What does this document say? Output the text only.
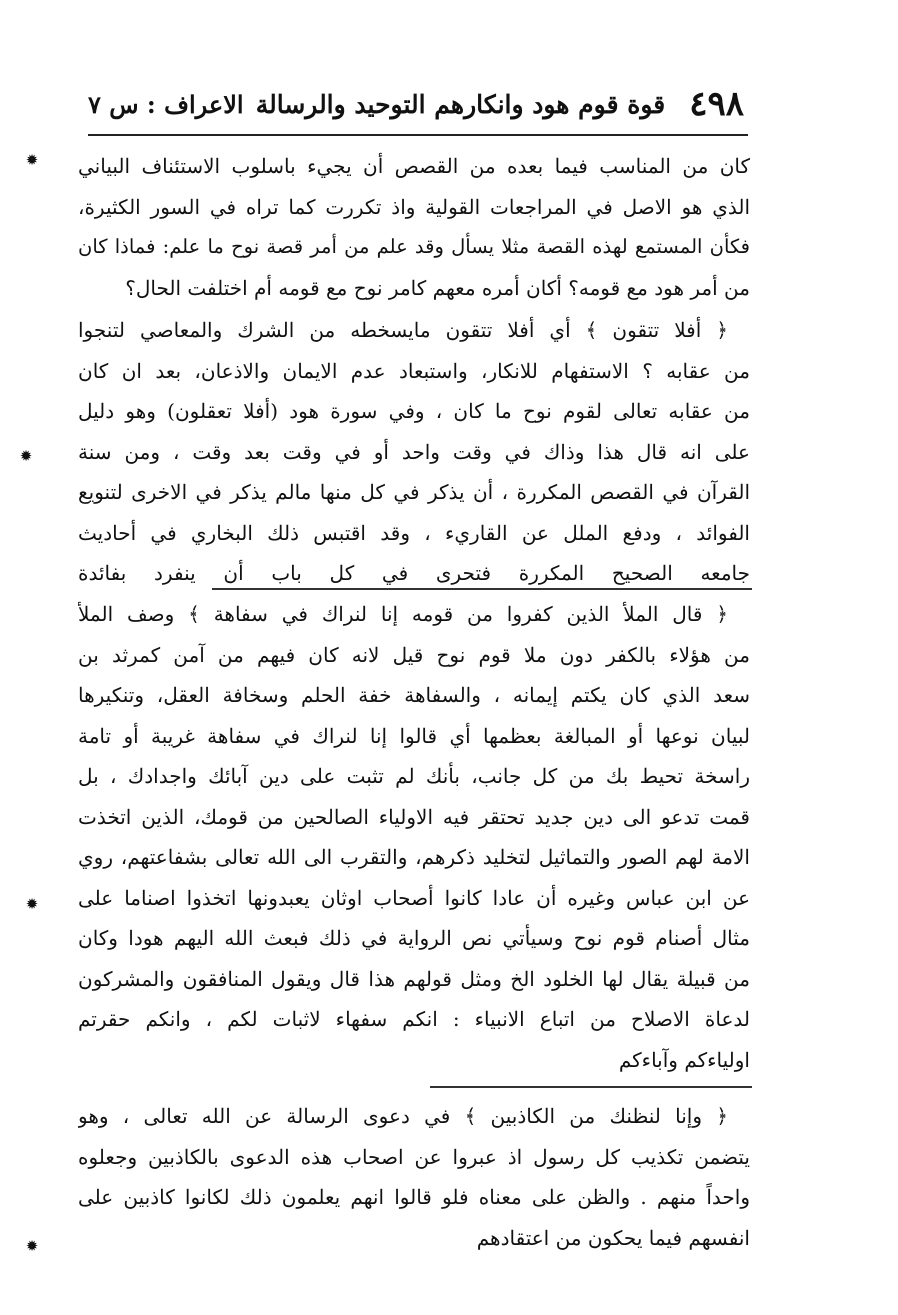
٤٩٨
قوة قوم هود وانكارهم التوحيد والرسالة
الاعراف : س ٧
كان من المناسب فيما بعده من القصص أن يجيء باسلوب الاستئناف البياني
الذي هو الاصل في المراجعات القولية واذ تكررت كما تراه في السور الكثيرة،
فكأن المستمع لهذه القصة مثلا يسأل وقد علم من أمر قصة نوح ما علم: فماذا كان
من أمر هود مع قومه؟ أكان أمره معهم كامر نوح مع قومه أم اختلفت الحال؟
﴿ أفلا تتقون ﴾ أي أفلا تتقون مايسخطه من الشرك والمعاصي لتنجوا
من عقابه ؟ الاستفهام للانكار، واستبعاد عدم الايمان والاذعان، بعد ان كان
من عقابه تعالى لقوم نوح ما كان ، وفي سورة هود (أفلا تعقلون) وهو دليل
على انه قال هذا وذاك في وقت واحد أو في وقت بعد وقت ، ومن سنة
القرآن في القصص المكررة ، أن يذكر في كل منها مالم يذكر في الاخرى لتنويع
الفوائد ، ودفع الملل عن القاريء ، وقد اقتبس ذلك البخاري في أحاديث
جامعه الصحيح المكررة فتحرى في كل باب أن ينفرد بفائدة
﴿ قال الملأ الذين كفروا من قومه إنا لنراك في سفاهة ﴾ وصف الملأ
من هؤلاء بالكفر دون ملا قوم نوح قيل لانه كان فيهم من آمن كمرثد بن
سعد الذي كان يكتم إيمانه ، والسفاهة خفة الحلم وسخافة العقل، وتنكيرها
لبيان نوعها أو المبالغة بعظمها أي قالوا إنا لنراك في سفاهة غريبة أو تامة
راسخة تحيط بك من كل جانب، بأنك لم تثبت على دين آبائك واجدادك ، بل
قمت تدعو الى دين جديد تحتقر فيه الاولياء الصالحين من قومك، الذين اتخذت
الامة لهم الصور والتماثيل لتخليد ذكرهم، والتقرب الى الله تعالى بشفاعتهم، روي
عن ابن عباس وغيره أن عادا كانوا أصحاب اوثان يعبدونها اتخذوا اصناما على
مثال أصنام قوم نوح وسيأتي نص الرواية في ذلك فبعث الله اليهم هودا وكان
من قبيلة يقال لها الخلود الخ ومثل قولهم هذا قال ويقول المنافقون والمشركون
لدعاة الاصلاح من اتباع الانبياء : انكم سفهاء لاثبات لكم ، وانكم حقرتم
اولياءكم وآباءكم
﴿ وإنا لنظنك من الكاذبين ﴾ في دعوى الرسالة عن الله تعالى ، وهو
يتضمن تكذيب كل رسول اذ عبروا عن اصحاب هذه الدعوى بالكاذبين وجعلوه
واحداً منهم . والظن على معناه فلو قالوا انهم يعلمون ذلك لكانوا كاذبين على
انفسهم فيما يحكون من اعتقادهم
✹
✹
✹
✹
